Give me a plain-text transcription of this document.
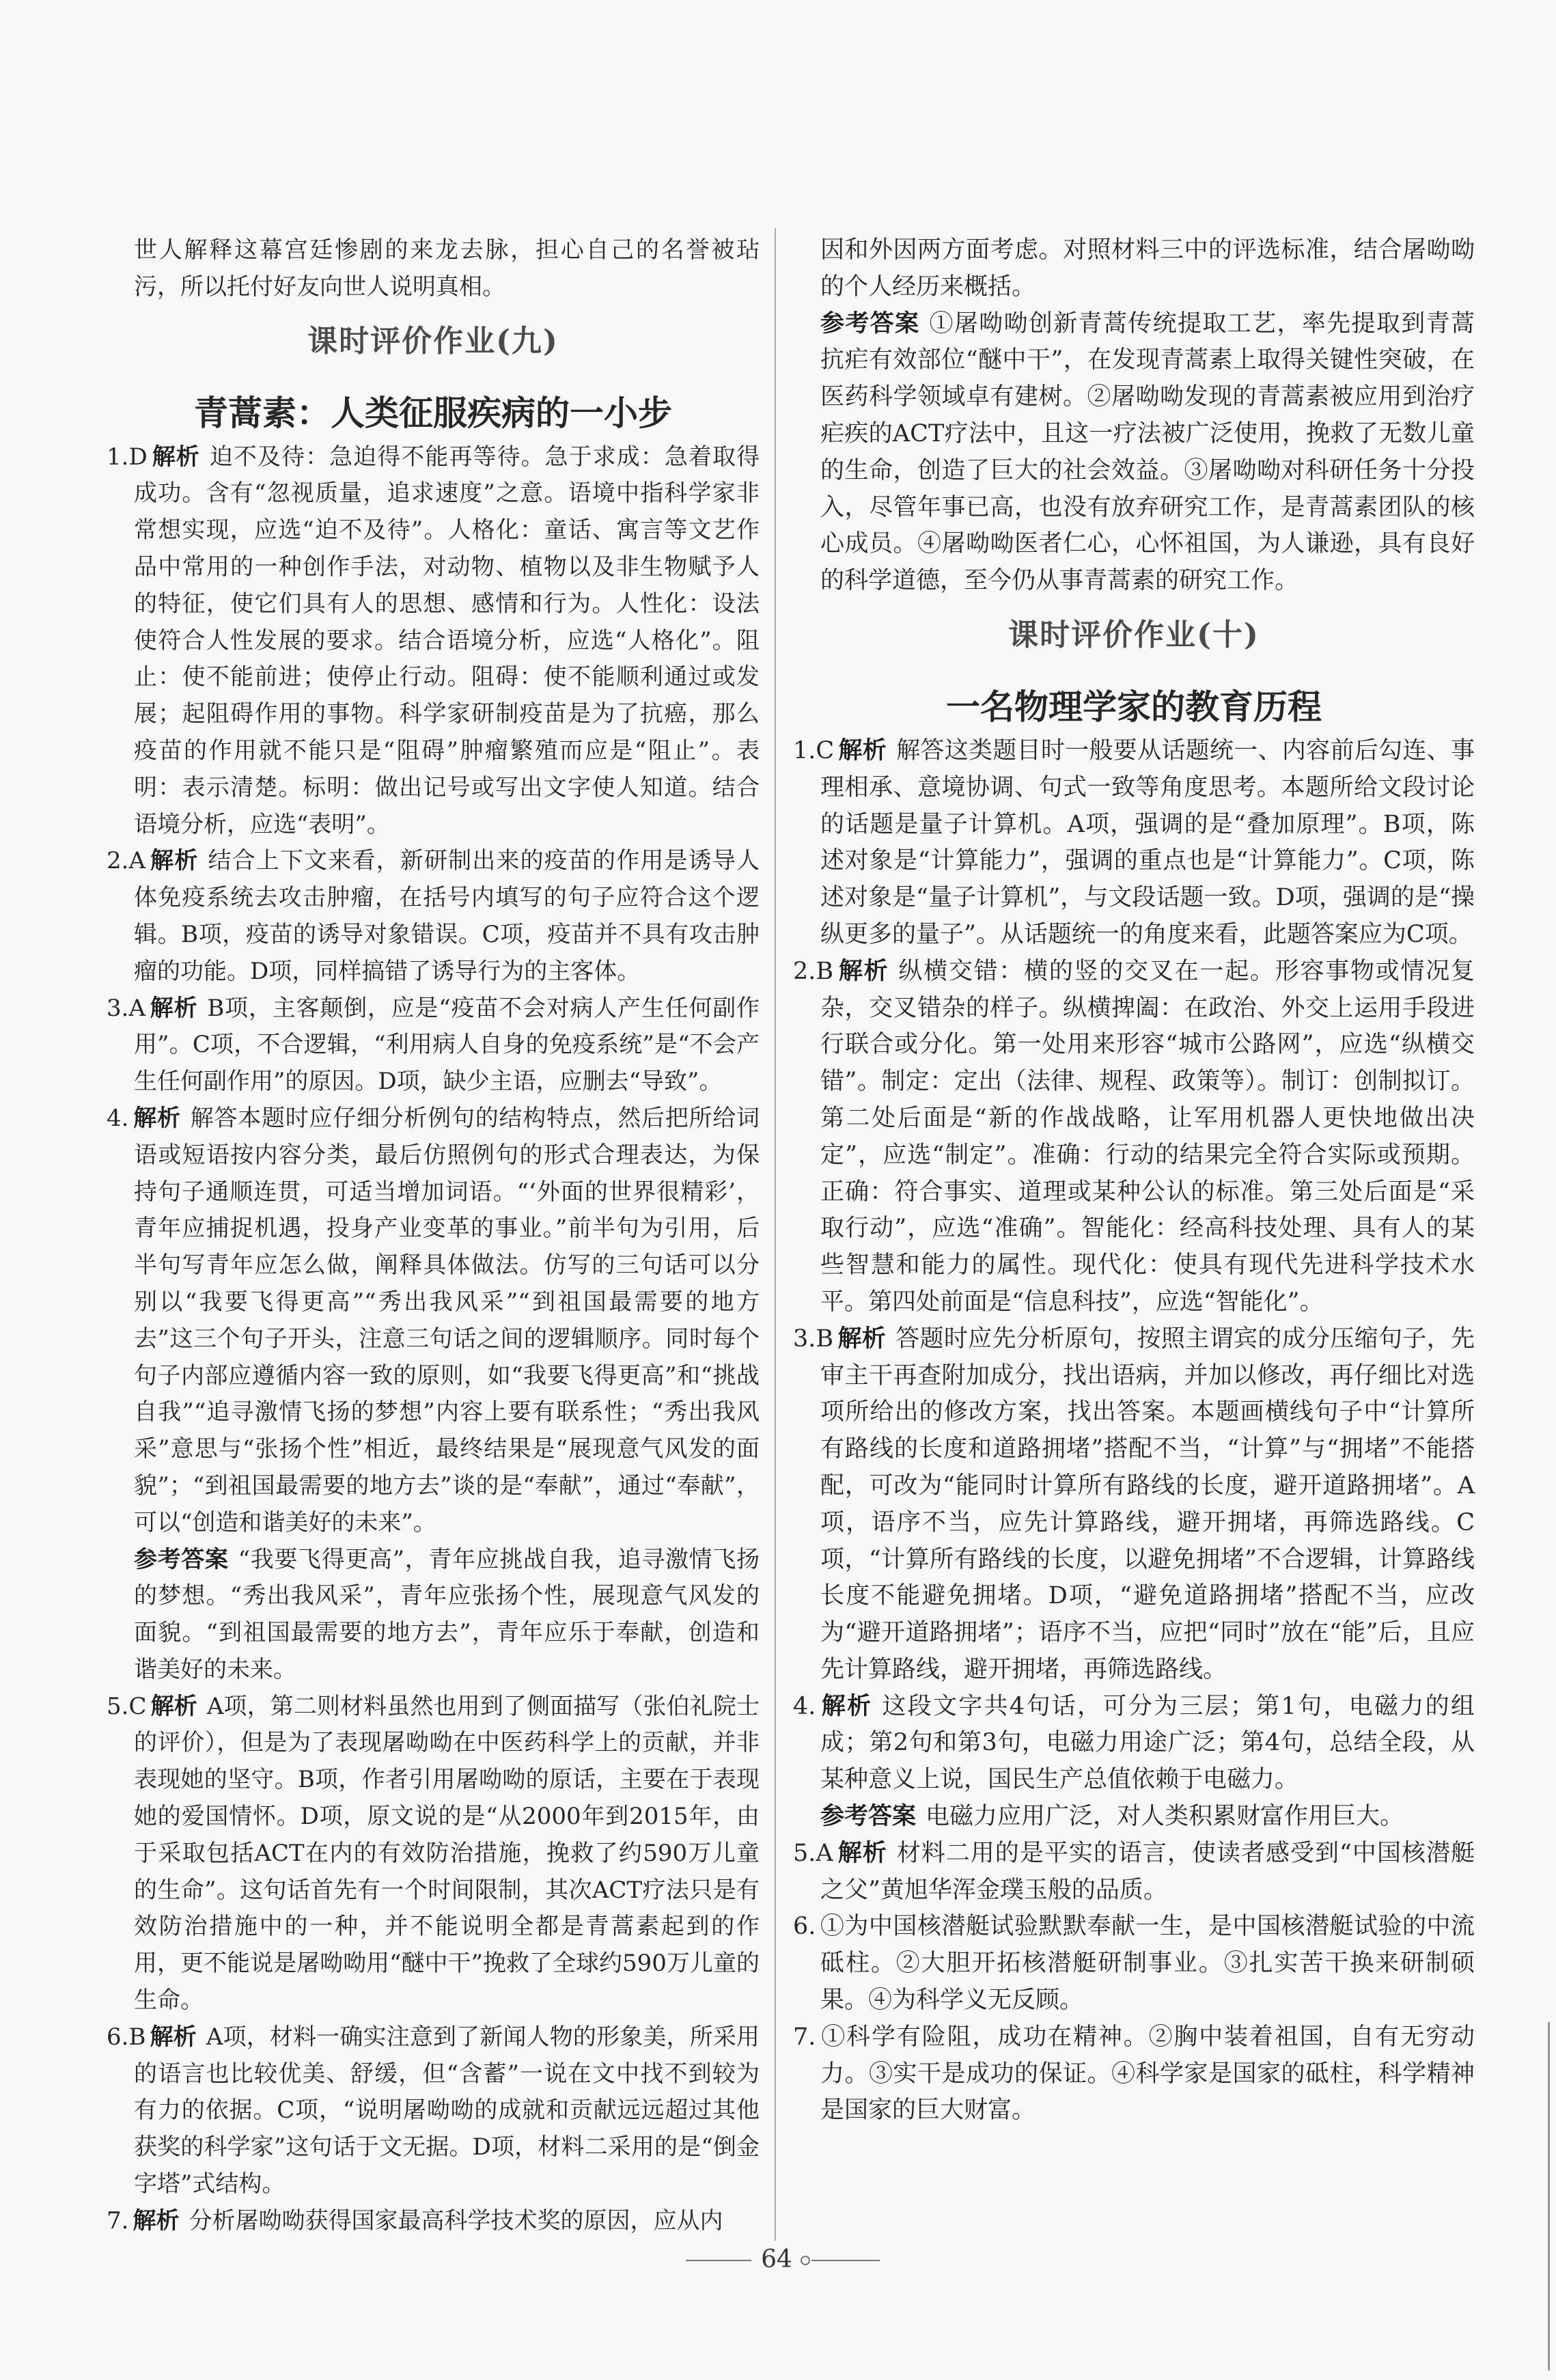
世人解释这幕宫廷惨剧的来龙去脉，担心自己的名誉被玷污，所以托付好友向世人说明真相。
课时评价作业(九)
青蒿素：人类征服疾病的一小步
1.D 解析 迫不及待：急迫得不能再等待。急于求成：急着取得成功。含有“忽视质量，追求速度”之意。语境中指科学家非常想实现，应选“迫不及待”。人格化：童话、寓言等文艺作品中常用的一种创作手法，对动物、植物以及非生物赋予人的特征，使它们具有人的思想、感情和行为。人性化：设法使符合人性发展的要求。结合语境分析，应选“人格化”。阻止：使不能前进；使停止行动。阻碍：使不能顺利通过或发展；起阻碍作用的事物。科学家研制疫苗是为了抗癌，那么疫苗的作用就不能只是“阻碍”肿瘤繁殖而应是“阻止”。表明：表示清楚。标明：做出记号或写出文字使人知道。结合语境分析，应选“表明”。
2.A 解析 结合上下文来看，新研制出来的疫苗的作用是诱导人体免疫系统去攻击肿瘤，在括号内填写的句子应符合这个逻辑。B项，疫苗的诱导对象错误。C项，疫苗并不具有攻击肿瘤的功能。D项，同样搞错了诱导行为的主客体。
3.A 解析 B项，主客颠倒，应是“疫苗不会对病人产生任何副作用”。C项，不合逻辑，“利用病人自身的免疫系统”是“不会产生任何副作用”的原因。D项，缺少主语，应删去“导致”。
4. 解析 解答本题时应仔细分析例句的结构特点，然后把所给词语或短语按内容分类，最后仿照例句的形式合理表达，为保持句子通顺连贯，可适当增加词语。“‘外面的世界很精彩’，青年应捕捉机遇，投身产业变革的事业。”前半句为引用，后半句写青年应怎么做，阐释具体做法。仿写的三句话可以分别以“我要飞得更高”“秀出我风采”“到祖国最需要的地方去”这三个句子开头，注意三句话之间的逻辑顺序。同时每个句子内部应遵循内容一致的原则，如“我要飞得更高”和“挑战自我”“追寻激情飞扬的梦想”内容上要有联系性；“秀出我风采”意思与“张扬个性”相近，最终结果是“展现意气风发的面貌”；“到祖国最需要的地方去”谈的是“奉献”，通过“奉献”，可以“创造和谐美好的未来”。
参考答案 “我要飞得更高”，青年应挑战自我，追寻激情飞扬的梦想。“秀出我风采”，青年应张扬个性，展现意气风发的面貌。“到祖国最需要的地方去”，青年应乐于奉献，创造和谐美好的未来。
5.C 解析 A项，第二则材料虽然也用到了侧面描写（张伯礼院士的评价），但是为了表现屠呦呦在中医药科学上的贡献，并非表现她的坚守。B项，作者引用屠呦呦的原话，主要在于表现她的爱国情怀。D项，原文说的是“从2000年到2015年，由于采取包括ACT在内的有效防治措施，挽救了约590万儿童的生命”。这句话首先有一个时间限制，其次ACT疗法只是有效防治措施中的一种，并不能说明全都是青蒿素起到的作用，更不能说是屠呦呦用“醚中干”挽救了全球约590万儿童的生命。
6.B 解析 A项，材料一确实注意到了新闻人物的形象美，所采用的语言也比较优美、舒缓，但“含蓄”一说在文中找不到较为有力的依据。C项，“说明屠呦呦的成就和贡献远远超过其他获奖的科学家”这句话于文无据。D项，材料二采用的是“倒金字塔”式结构。
7. 解析 分析屠呦呦获得国家最高科学技术奖的原因，应从内
因和外因两方面考虑。对照材料三中的评选标准，结合屠呦呦的个人经历来概括。
参考答案 ①屠呦呦创新青蒿传统提取工艺，率先提取到青蒿抗疟有效部位“醚中干”，在发现青蒿素上取得关键性突破，在医药科学领域卓有建树。②屠呦呦发现的青蒿素被应用到治疗疟疾的ACT疗法中，且这一疗法被广泛使用，挽救了无数儿童的生命，创造了巨大的社会效益。③屠呦呦对科研任务十分投入，尽管年事已高，也没有放弃研究工作，是青蒿素团队的核心成员。④屠呦呦医者仁心，心怀祖国，为人谦逊，具有良好的科学道德，至今仍从事青蒿素的研究工作。
课时评价作业(十)
一名物理学家的教育历程
1.C 解析 解答这类题目时一般要从话题统一、内容前后勾连、事理相承、意境协调、句式一致等角度思考。本题所给文段讨论的话题是量子计算机。A项，强调的是“叠加原理”。B项，陈述对象是“计算能力”，强调的重点也是“计算能力”。C项，陈述对象是“量子计算机”，与文段话题一致。D项，强调的是“操纵更多的量子”。从话题统一的角度来看，此题答案应为C项。
2.B 解析 纵横交错：横的竖的交叉在一起。形容事物或情况复杂，交叉错杂的样子。纵横捭阖：在政治、外交上运用手段进行联合或分化。第一处用来形容“城市公路网”，应选“纵横交错”。制定：定出（法律、规程、政策等）。制订：创制拟订。第二处后面是“新的作战战略，让军用机器人更快地做出决定”，应选“制定”。准确：行动的结果完全符合实际或预期。正确：符合事实、道理或某种公认的标准。第三处后面是“采取行动”，应选“准确”。智能化：经高科技处理、具有人的某些智慧和能力的属性。现代化：使具有现代先进科学技术水平。第四处前面是“信息科技”，应选“智能化”。
3.B 解析 答题时应先分析原句，按照主谓宾的成分压缩句子，先审主干再查附加成分，找出语病，并加以修改，再仔细比对选项所给出的修改方案，找出答案。本题画横线句子中“计算所有路线的长度和道路拥堵”搭配不当，“计算”与“拥堵”不能搭配，可改为“能同时计算所有路线的长度，避开道路拥堵”。A项，语序不当，应先计算路线，避开拥堵，再筛选路线。C项，“计算所有路线的长度，以避免拥堵”不合逻辑，计算路线长度不能避免拥堵。D项，“避免道路拥堵”搭配不当，应改为“避开道路拥堵”；语序不当，应把“同时”放在“能”后，且应先计算路线，避开拥堵，再筛选路线。
4. 解析 这段文字共4句话，可分为三层；第1句，电磁力的组成；第2句和第3句，电磁力用途广泛；第4句，总结全段，从某种意义上说，国民生产总值依赖于电磁力。
参考答案 电磁力应用广泛，对人类积累财富作用巨大。
5.A 解析 材料二用的是平实的语言，使读者感受到“中国核潜艇之父”黄旭华浑金璞玉般的品质。
6. ①为中国核潜艇试验默默奉献一生，是中国核潜艇试验的中流砥柱。②大胆开拓核潜艇研制事业。③扎实苦干换来研制硕果。④为科学义无反顾。
7. ①科学有险阻，成功在精神。②胸中装着祖国，自有无穷动力。③实干是成功的保证。④科学家是国家的砥柱，科学精神是国家的巨大财富。
64
